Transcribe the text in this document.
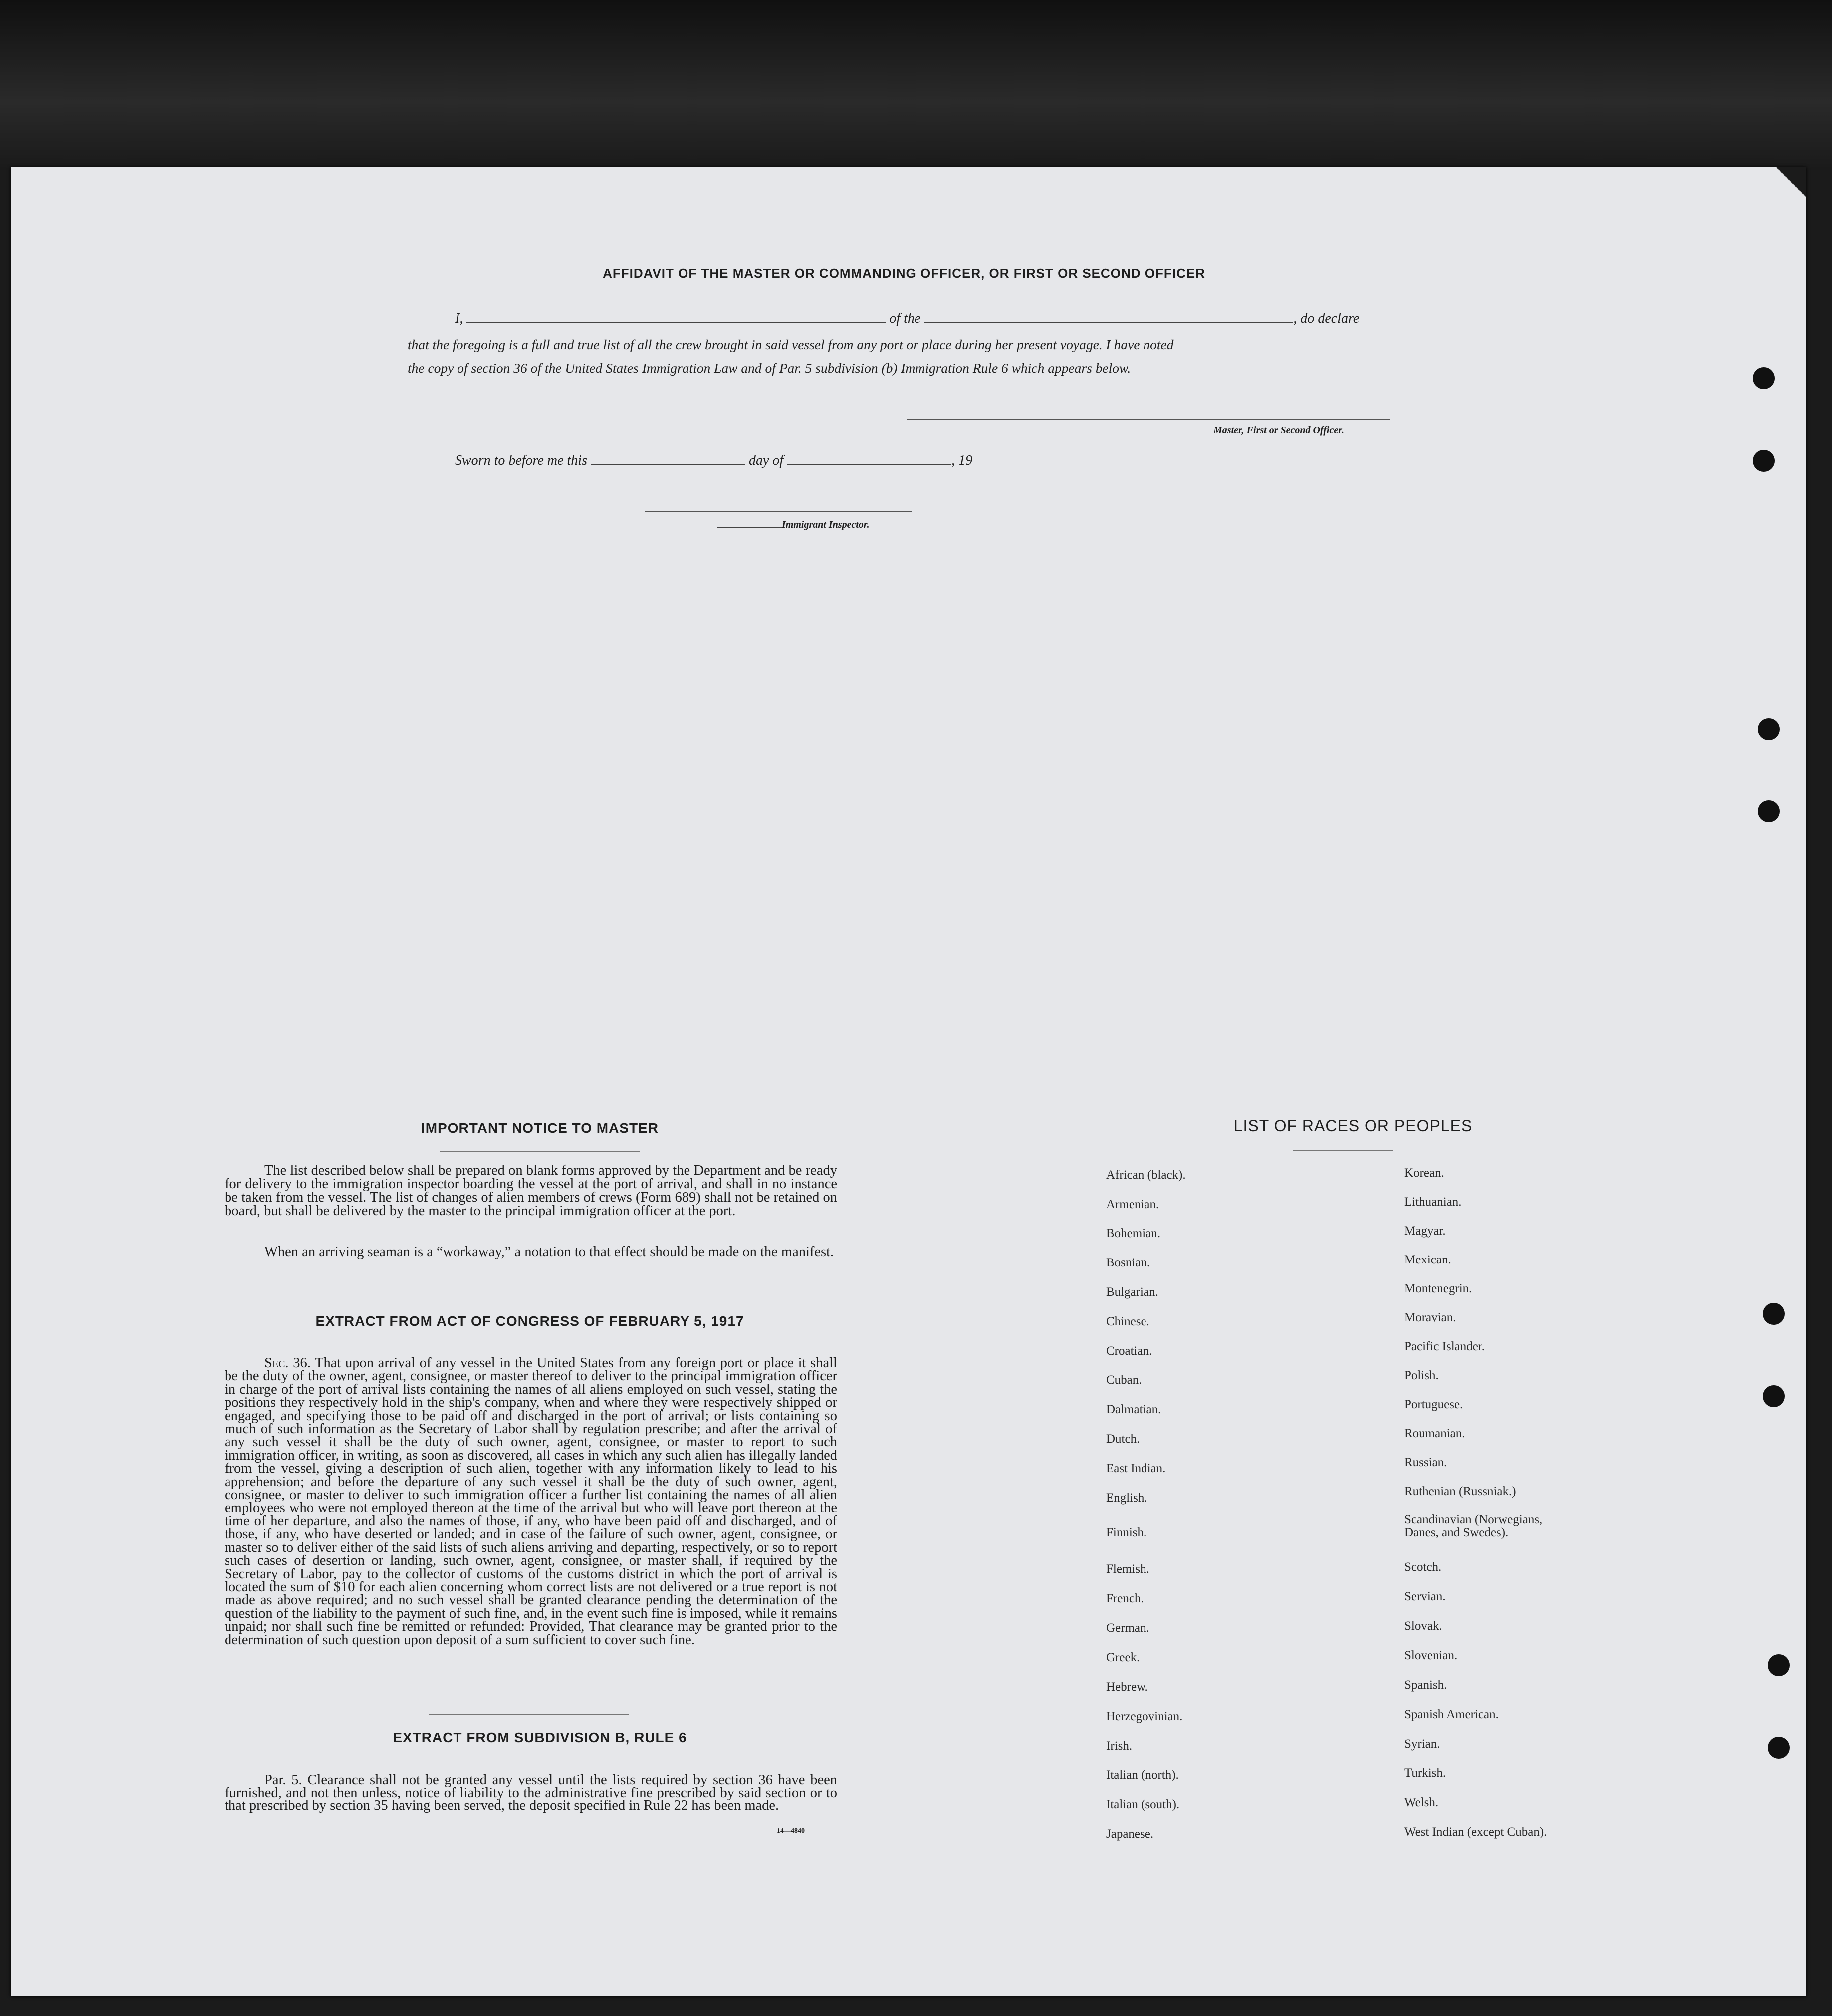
AFFIDAVIT OF THE MASTER OR COMMANDING OFFICER, OR FIRST OR SECOND OFFICER
I,	of the	, do declare
that the foregoing is a full and true list of all the crew brought in said vessel from any port or place during her present voyage. I have noted
the copy of section 36 of the United States Immigration Law and of Par. 5 subdivision (b) Immigration Rule 6 which appears below.
Master, First or Second Officer.
Sworn to before me this	day of	, 19
Immigrant Inspector.
IMPORTANT NOTICE TO MASTER
The list described below shall be prepared on blank forms approved by the Department and be ready for delivery to the immigration inspector boarding the vessel at the port of arrival, and shall in no instance be taken from the vessel. The list of changes of alien members of crews (Form 689) shall not be retained on board, but shall be delivered by the master to the principal immigration officer at the port.
When an arriving seaman is a “workaway,” a notation to that effect should be made on the manifest.
EXTRACT FROM ACT OF CONGRESS OF FEBRUARY 5, 1917
Sec. 36. That upon arrival of any vessel in the United States from any foreign port or place it shall be the duty of the owner, agent, consignee, or master thereof to deliver to the principal immigration officer in charge of the port of arrival lists containing the names of all aliens employed on such vessel, stating the positions they respectively hold in the ship's company, when and where they were respectively shipped or engaged, and specifying those to be paid off and discharged in the port of arrival; or lists containing so much of such information as the Secretary of Labor shall by regulation prescribe; and after the arrival of any such vessel it shall be the duty of such owner, agent, consignee, or master to report to such immigration officer, in writing, as soon as discovered, all cases in which any such alien has illegally landed from the vessel, giving a description of such alien, together with any information likely to lead to his apprehension; and before the departure of any such vessel it shall be the duty of such owner, agent, consignee, or master to deliver to such immigration officer a further list containing the names of all alien employees who were not employed thereon at the time of the arrival but who will leave port thereon at the time of her departure, and also the names of those, if any, who have been paid off and discharged, and of those, if any, who have deserted or landed; and in case of the failure of such owner, agent, consignee, or master so to deliver either of the said lists of such aliens arriving and departing, respectively, or so to report such cases of desertion or landing, such owner, agent, consignee, or master shall, if required by the Secretary of Labor, pay to the collector of customs of the customs district in which the port of arrival is located the sum of $10 for each alien concerning whom correct lists are not delivered or a true report is not made as above required; and no such vessel shall be granted clearance pending the determination of the question of the liability to the payment of such fine, and, in the event such fine is imposed, while it remains unpaid; nor shall such fine be remitted or refunded: Provided, That clearance may be granted prior to the determination of such question upon deposit of a sum sufficient to cover such fine.
EXTRACT FROM SUBDIVISION B, RULE 6
Par. 5. Clearance shall not be granted any vessel until the lists required by section 36 have been furnished, and not then unless, notice of liability to the administrative fine prescribed by said section or to that prescribed by section 35 having been served, the deposit specified in Rule 22 has been made.
14—4840
LIST OF RACES OR PEOPLES
African (black).
Armenian.
Bohemian.
Bosnian.
Bulgarian.
Chinese.
Croatian.
Cuban.
Dalmatian.
Dutch.
East Indian.
English.
Finnish.
Flemish.
French.
German.
Greek.
Hebrew.
Herzegovinian.
Irish.
Italian (north).
Italian (south).
Japanese.
Korean.
Lithuanian.
Magyar.
Mexican.
Montenegrin.
Moravian.
Pacific Islander.
Polish.
Portuguese.
Roumanian.
Russian.
Ruthenian (Russniak.)
Scandinavian (Norwegians,
Danes, and Swedes).
Scotch.
Servian.
Slovak.
Slovenian.
Spanish.
Spanish American.
Syrian.
Turkish.
Welsh.
West Indian (except Cuban).
